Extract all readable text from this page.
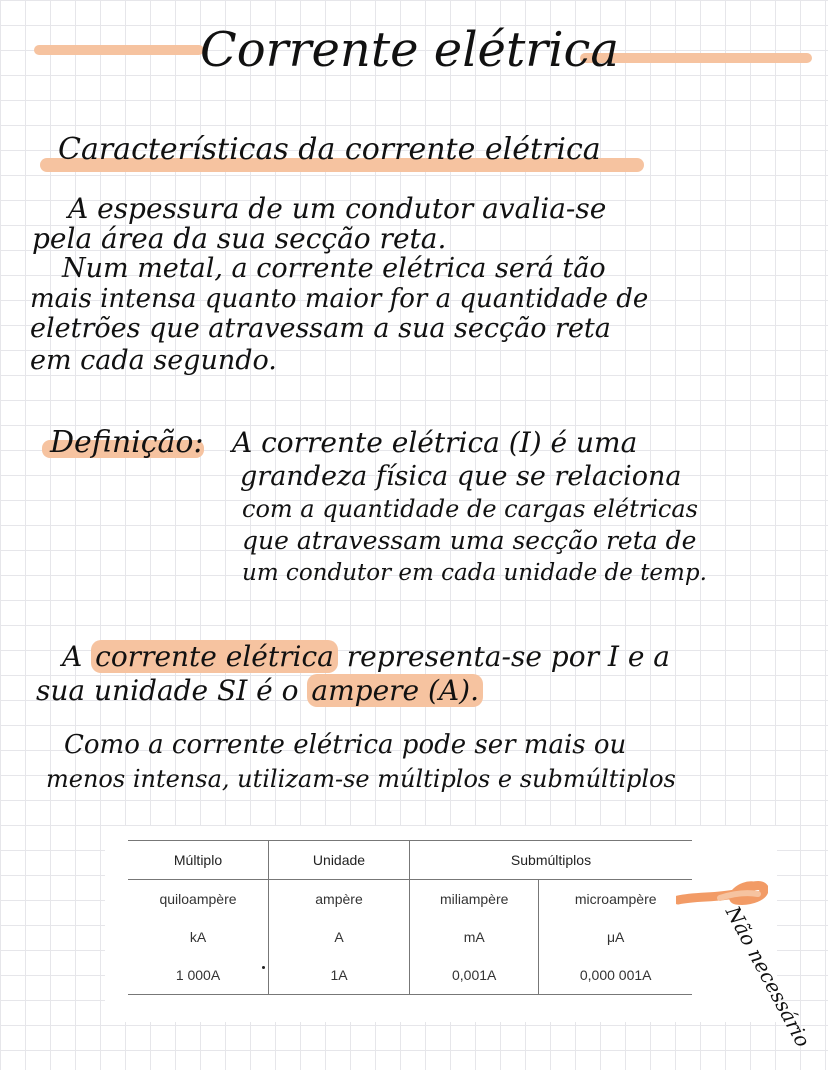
Corrente elétrica
Características da corrente elétrica
A espessura de um condutor avalia-se
pela área da sua secção reta.
Num metal, a corrente elétrica será tão
mais intensa quanto maior for a quantidade de
eletrões que atravessam a sua secção reta
em cada segundo.
Definição: A corrente elétrica (I) é uma
grandeza física que se relaciona
com a quantidade de cargas elétricas
que atravessam uma secção reta de
um condutor em cada unidade de temp.
A corrente elétrica representa-se por I e a
sua unidade SI é o ampere (A).
Como a corrente elétrica pode ser mais ou
menos intensa, utilizam-se múltiplos e submúltiplos
Múltiplo	Unidade	Submúltiplos	
quiloampère	ampère	miliampère	microampère
kA	A	mA	μA
1 000A	1A	0,001A	0,000 001A	Não necessário
